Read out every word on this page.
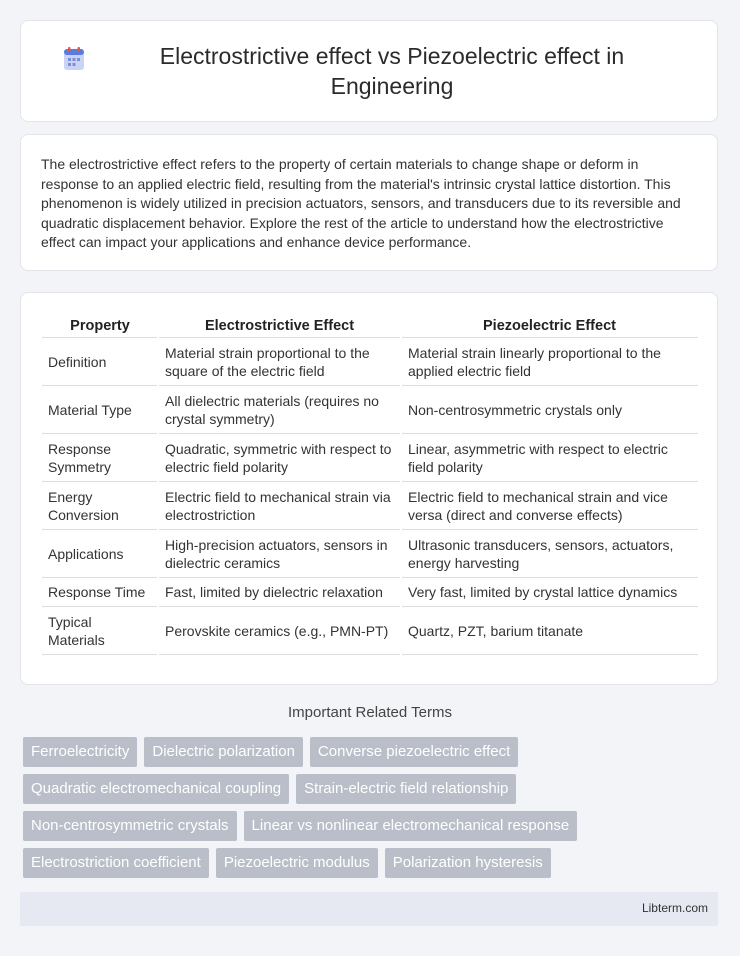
Electrostrictive effect vs Piezoelectric effect in Engineering

The electrostrictive effect refers to the property of certain materials to change shape or deform in response to an applied electric field, resulting from the material's intrinsic crystal lattice distortion. This phenomenon is widely utilized in precision actuators, sensors, and transducers due to its reversible and quadratic displacement behavior. Explore the rest of the article to understand how the electrostrictive effect can impact your applications and enhance device performance.

Property	Electrostrictive Effect	Piezoelectric Effect
Definition	Material strain proportional to the square of the electric field	Material strain linearly proportional to the applied electric field
Material Type	All dielectric materials (requires no crystal symmetry)	Non-centrosymmetric crystals only
Response Symmetry	Quadratic, symmetric with respect to electric field polarity	Linear, asymmetric with respect to electric field polarity
Energy Conversion	Electric field to mechanical strain via electrostriction	Electric field to mechanical strain and vice versa (direct and converse effects)
Applications	High-precision actuators, sensors in dielectric ceramics	Ultrasonic transducers, sensors, actuators, energy harvesting
Response Time	Fast, limited by dielectric relaxation	Very fast, limited by crystal lattice dynamics
Typical Materials	Perovskite ceramics (e.g., PMN-PT)	Quartz, PZT, barium titanate
Important Related Terms
Ferroelectricity	Dielectric polarization	Converse piezoelectric effect
Quadratic electromechanical coupling	Strain-electric field relationship
Non-centrosymmetric crystals	Linear vs nonlinear electromechanical response
Electrostriction coefficient	Piezoelectric modulus	Polarization hysteresis
Libterm.com
